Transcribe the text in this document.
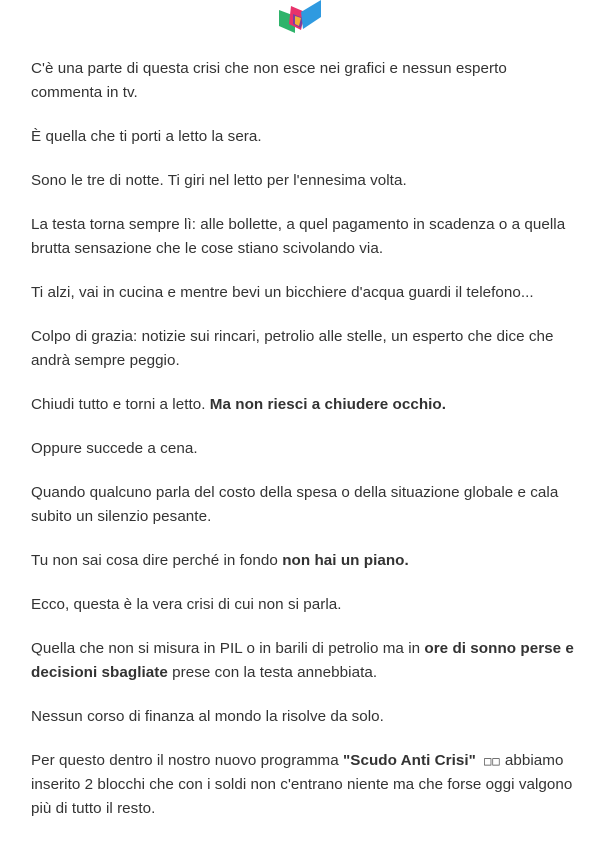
C'è una parte di questa crisi che non esce nei grafici e nessun esperto commenta in tv.

È quella che ti porti a letto la sera.

Sono le tre di notte. Ti giri nel letto per l'ennesima volta.

La testa torna sempre lì: alle bollette, a quel pagamento in scadenza o a quella brutta sensazione che le cose stiano scivolando via.

Ti alzi, vai in cucina e mentre bevi un bicchiere d'acqua guardi il telefono...

Colpo di grazia: notizie sui rincari, petrolio alle stelle, un esperto che dice che andrà sempre peggio.

Chiudi tutto e torni a letto. Ma non riesci a chiudere occhio.

Oppure succede a cena.

Quando qualcuno parla del costo della spesa o della situazione globale e cala subito un silenzio pesante.

Tu non sai cosa dire perché in fondo non hai un piano.

Ecco, questa è la vera crisi di cui non si parla.

Quella che non si misura in PIL o in barili di petrolio ma in ore di sonno perse e decisioni sbagliate prese con la testa annebbiata.

Nessun corso di finanza al mondo la risolve da solo.

Per questo dentro il nostro nuovo programma "Scudo Anti Crisi" □□ abbiamo inserito 2 blocchi che con i soldi non c'entrano niente ma che forse oggi valgono più di tutto il resto.
